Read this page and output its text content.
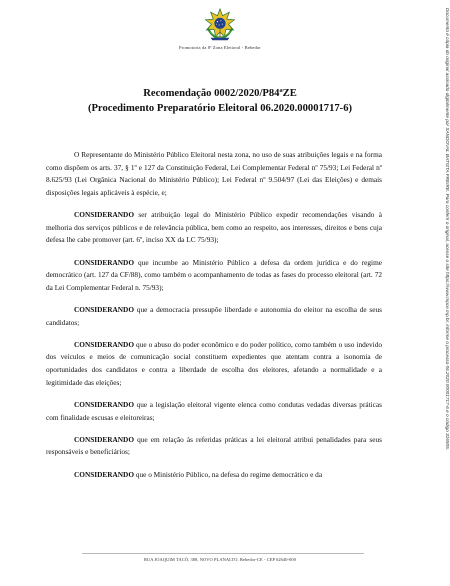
Promotoria da 8ª Zona Eleitoral - Bebedor
Recomendação 0002/2020/P84ªZE
(Procedimento Preparatório Eleitoral 06.2020.00001717-6)

O Representante do Ministério Público Eleitoral nesta zona, no uso de suas atribuições legais e na forma como dispõem os arts. 37, § 1º e 127 da Constituição Federal, Lei Complementar Federal nº 75/93; Lei Federal nº 8.625/93 (Lei Orgânica Nacional do Ministério Público); Lei Federal nº 9.504/97 (Lei das Eleições) e demais disposições legais aplicáveis à espécie, e;

CONSIDERANDO ser atribuição legal do Ministério Público expedir recomendações visando à melhoria dos serviços públicos e de relevância pública, bem como ao respeito, aos interesses, direitos e bens cuja defesa lhe cabe promover (art. 6º, inciso XX da LC 75/93);

CONSIDERANDO que incumbe ao Ministério Público a defesa da ordem jurídica e do regime democrático (art. 127 da CF/88), como também o acompanhamento de todas as fases do processo eleitoral (art. 72 da Lei Complementar Federal n. 75/93);

CONSIDERANDO que a democracia pressupõe liberdade e autonomia do eleitor na escolha de seus candidatos;

CONSIDERANDO que o abuso do poder econômico e do poder político, como também o uso indevido dos veículos e meios de comunicação social constituem expedientes que atentam contra a isonomia de oportunidades dos candidatos e contra a liberdade de escolha dos eleitores, afetando a normalidade e a legitimidade das eleições;

CONSIDERANDO que a legislação eleitoral vigente elenca como condutas vedadas diversas práticas com finalidade escusas e eleitoreiras;

CONSIDERANDO que em relação às referidas práticas a lei eleitoral atribui penalidades para seus responsáveis e beneficiários;

CONSIDERANDO que o Ministério Público, na defesa do regime democrático e da

RUA JOAQUIM TACÓ, 388, NOVO PLANALTO, Bebedor-CE - CEP 62640-000
Documento é cópia do original assinado digitalmente por SANDOVAL BATISTA FREIRE. Para conferir o original, acesse o site https://www.mpce.mp.br, informe o processo 06.2020.00001717-6 e o código 316505.
